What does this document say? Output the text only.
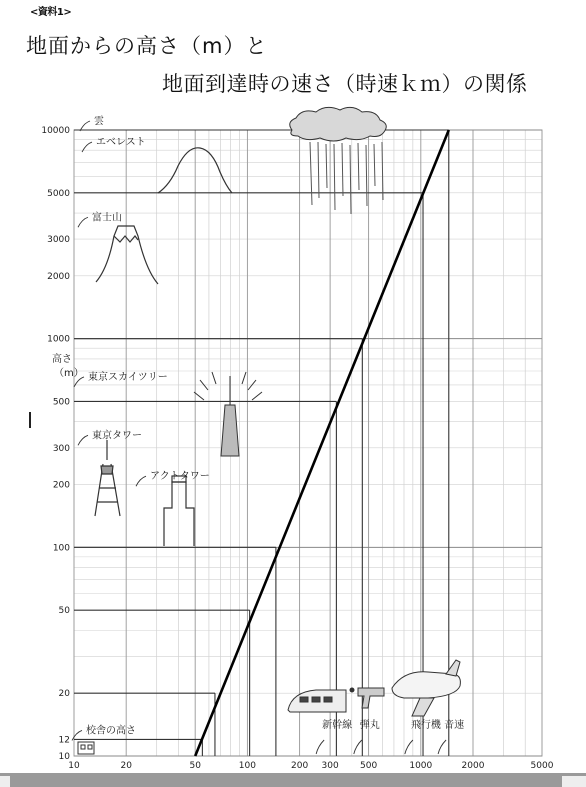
<資料1>
地面からの高さ（m）と
地面到達時の速さ（時速ｋｍ）の関係
10
12
20
50
100
200
300
500
1000
2000
3000
5000
10000
10	20	50	100	200 300 500	1000	2000	5000
雲
エベレスト
富士山
東京スカイツリー
東京タワー
アクトタワー
校舎の高さ	新幹線 弾丸	飛行機 音速
高さ
（m）
